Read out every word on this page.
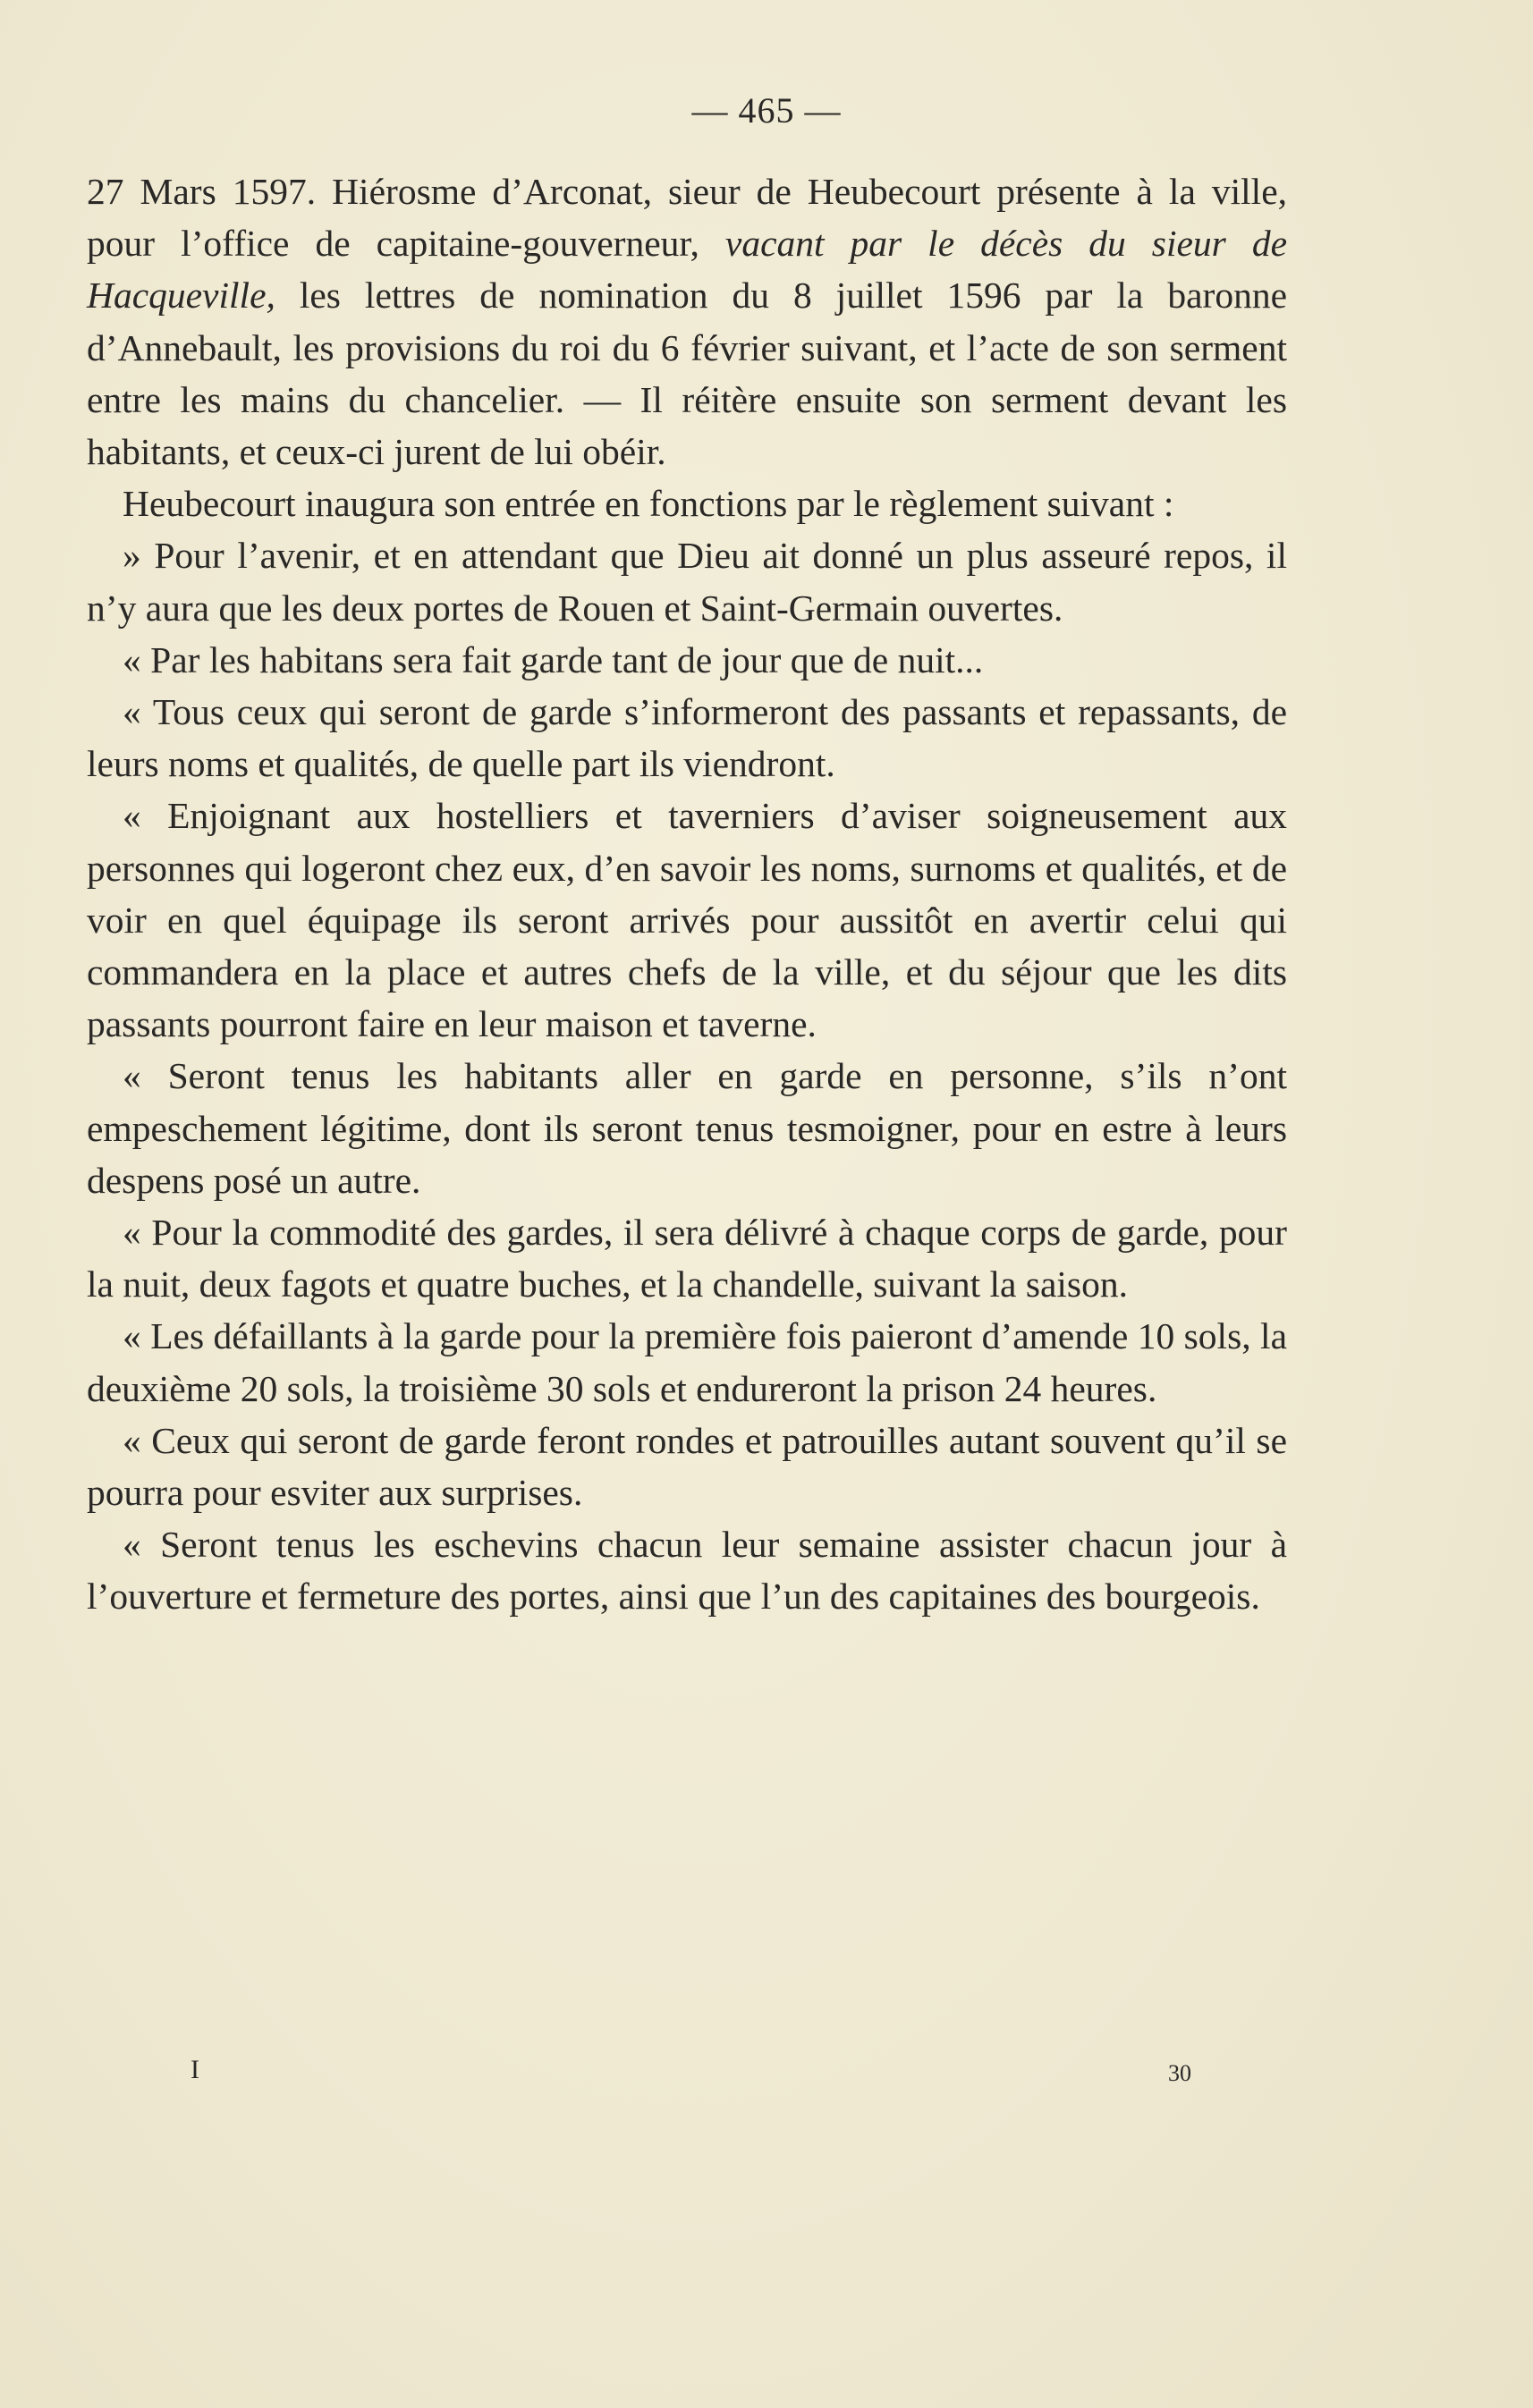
— 465 —

27 Mars 1597. Hiérosme d’Arconat, sieur de Heubecourt présente à la ville, pour l’office de capitaine-gouverneur, vacant par le décès du sieur de Hacqueville, les lettres de nomination du 8 juillet 1596 par la baronne d’Annebault, les provisions du roi du 6 février suivant, et l’acte de son serment entre les mains du chancelier. — Il réitère ensuite son serment devant les habitants, et ceux-ci jurent de lui obéir.

Heubecourt inaugura son entrée en fonctions par le règlement suivant :

» Pour l’avenir, et en attendant que Dieu ait donné un plus asseuré repos, il n’y aura que les deux portes de Rouen et Saint-Germain ouvertes.

« Par les habitans sera fait garde tant de jour que de nuit...

« Tous ceux qui seront de garde s’informeront des passants et repassants, de leurs noms et qualités, de quelle part ils viendront.

« Enjoignant aux hostelliers et taverniers d’aviser soigneusement aux personnes qui logeront chez eux, d’en savoir les noms, surnoms et qualités, et de voir en quel équipage ils seront arrivés pour aussitôt en avertir celui qui commandera en la place et autres chefs de la ville, et du séjour que les dits passants pourront faire en leur maison et taverne.

« Seront tenus les habitants aller en garde en personne, s’ils n’ont empeschement légitime, dont ils seront tenus tesmoigner, pour en estre à leurs despens posé un autre.

« Pour la commodité des gardes, il sera délivré à chaque corps de garde, pour la nuit, deux fagots et quatre buches, et la chandelle, suivant la saison.

« Les défaillants à la garde pour la première fois paieront d’amende 10 sols, la deuxième 20 sols, la troisième 30 sols et endureront la prison 24 heures.

« Ceux qui seront de garde feront rondes et patrouilles autant souvent qu’il se pourra pour esviter aux surprises.

« Seront tenus les eschevins chacun leur semaine assister chacun jour à l’ouverture et fermeture des portes, ainsi que l’un des capitaines des bourgeois.

I	30
